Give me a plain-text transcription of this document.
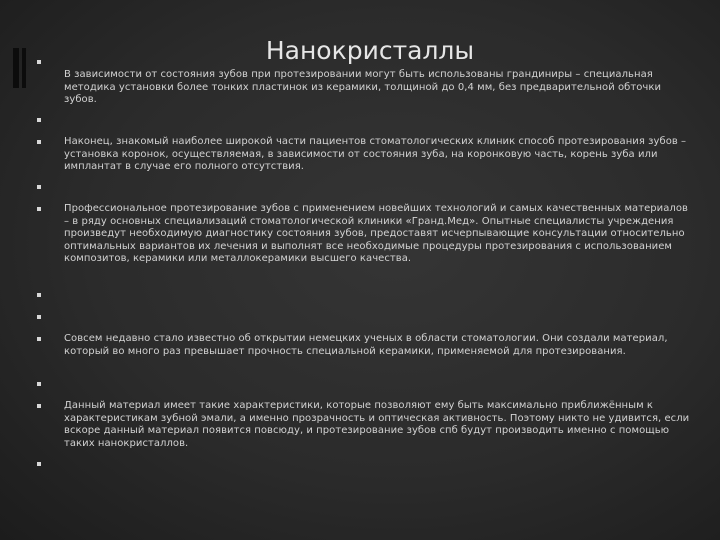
Нанокристаллы
В зависимости от состояния зубов при протезировании могут быть использованы грандиниры – специальная методика установки более тонких пластинок из керамики, толщиной до 0,4 мм, без предварительной обточки зубов.
Наконец, знакомый наиболее широкой части пациентов стоматологических клиник способ протезирования зубов – установка коронок, осуществляемая, в зависимости от состояния зуба, на коронковую часть, корень зуба или имплантат в случае его полного отсутствия.
Профессиональное протезирование зубов с применением новейших технологий и самых качественных материалов – в ряду основных специализаций стоматологической клиники «Гранд.Мед». Опытные специалисты учреждения произведут необходимую диагностику состояния зубов, предоставят исчерпывающие консультации относительно оптимальных вариантов их лечения и выполнят все необходимые процедуры протезирования с использованием композитов, керамики или металлокерамики высшего качества.
Совсем недавно стало известно об открытии немецких ученых в области стоматологии. Они создали материал, который во много раз превышает прочность специальной керамики, применяемой для протезирования.
Данный материал имеет такие характеристики, которые позволяют ему быть максимально приближённым к характеристикам зубной эмали, а именно прозрачность и оптическая активность. Поэтому никто не удивится, если вскоре данный материал появится повсюду, и протезирование зубов спб будут производить именно с помощью таких нанокристаллов.
